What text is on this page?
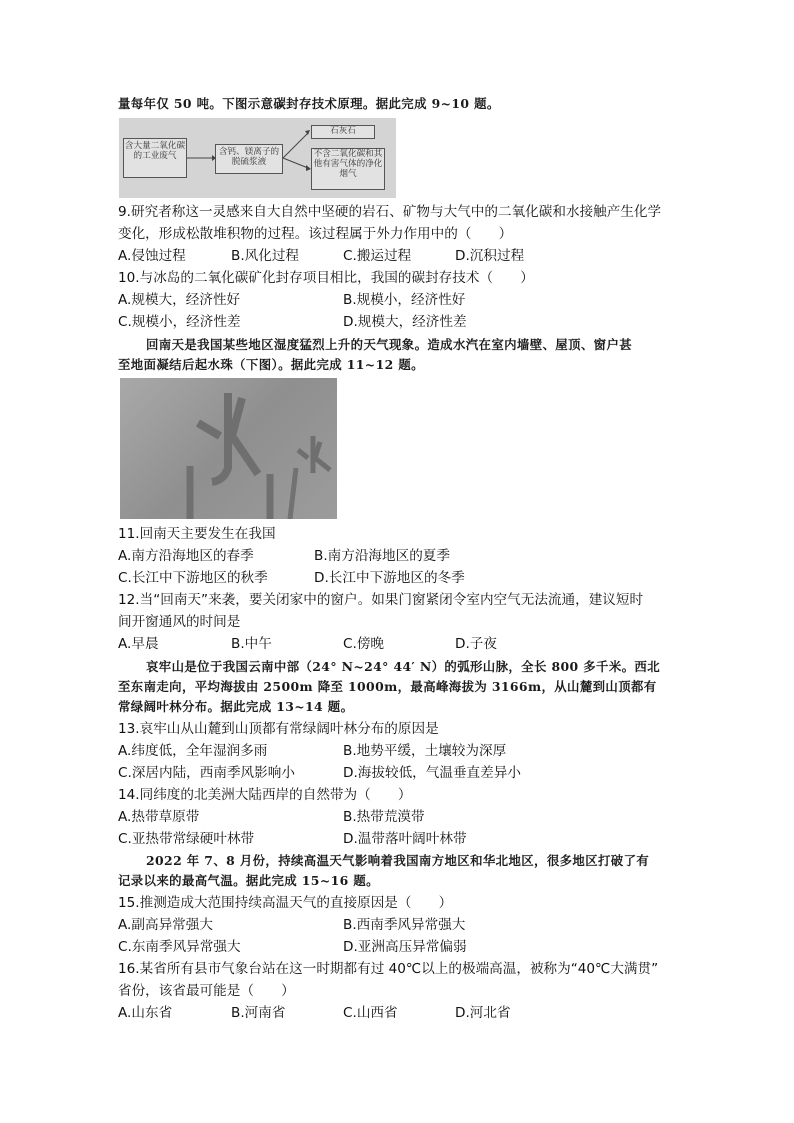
量每年仅 50 吨。下图示意碳封存技术原理。据此完成 9~10 题。
含大量二氧化碳的工业废气	含钙、镁离子的脱硫浆液
石灰石
不含二氧化碳和其他有害气体的净化烟气
9.研究者称这一灵感来自大自然中坚硬的岩石、矿物与大气中的二氧化碳和水接触产生化学
变化，形成松散堆积物的过程。该过程属于外力作用中的（　　）
A.侵蚀过程	B.风化过程	C.搬运过程	D.沉积过程
10.与冰岛的二氧化碳矿化封存项目相比，我国的碳封存技术（　　）
A.规模大，经济性好	B.规模小，经济性好
C.规模小，经济性差	D.规模大，经济性差
回南天是我国某些地区湿度猛烈上升的天气现象。造成水汽在室内墙壁、屋顶、窗户甚
至地面凝结后起水珠（下图）。据此完成 11~12 题。
11.回南天主要发生在我国
A.南方沿海地区的春季	B.南方沿海地区的夏季
C.长江中下游地区的秋季	D.长江中下游地区的冬季
12.当“回南天”来袭，要关闭家中的窗户。如果门窗紧闭令室内空气无法流通，建议短时
间开窗通风的时间是
A.早晨	B.中午	C.傍晚	D.子夜
哀牢山是位于我国云南中部（24° N~24° 44′ N）的弧形山脉，全长 800 多千米。西北
至东南走向，平均海拔由 2500m 降至 1000m，最高峰海拔为 3166m，从山麓到山顶都有
常绿阔叶林分布。据此完成 13~14 题。
13.哀牢山从山麓到山顶都有常绿阔叶林分布的原因是
A.纬度低，全年湿润多雨	B.地势平缓，土壤较为深厚
C.深居内陆，西南季风影响小	D.海拔较低，气温垂直差异小
14.同纬度的北美洲大陆西岸的自然带为（　　）
A.热带草原带	B.热带荒漠带
C.亚热带常绿硬叶林带	D.温带落叶阔叶林带
2022 年 7、8 月份，持续高温天气影响着我国南方地区和华北地区，很多地区打破了有
记录以来的最高气温。据此完成 15~16 题。
15.推测造成大范围持续高温天气的直接原因是（　　）
A.副高异常强大	B.西南季风异常强大
C.东南季风异常强大	D.亚洲高压异常偏弱
16.某省所有县市气象台站在这一时期都有过 40℃以上的极端高温，被称为“40℃大满贯”
省份，该省最可能是（　　）
A.山东省	B.河南省	C.山西省	D.河北省
